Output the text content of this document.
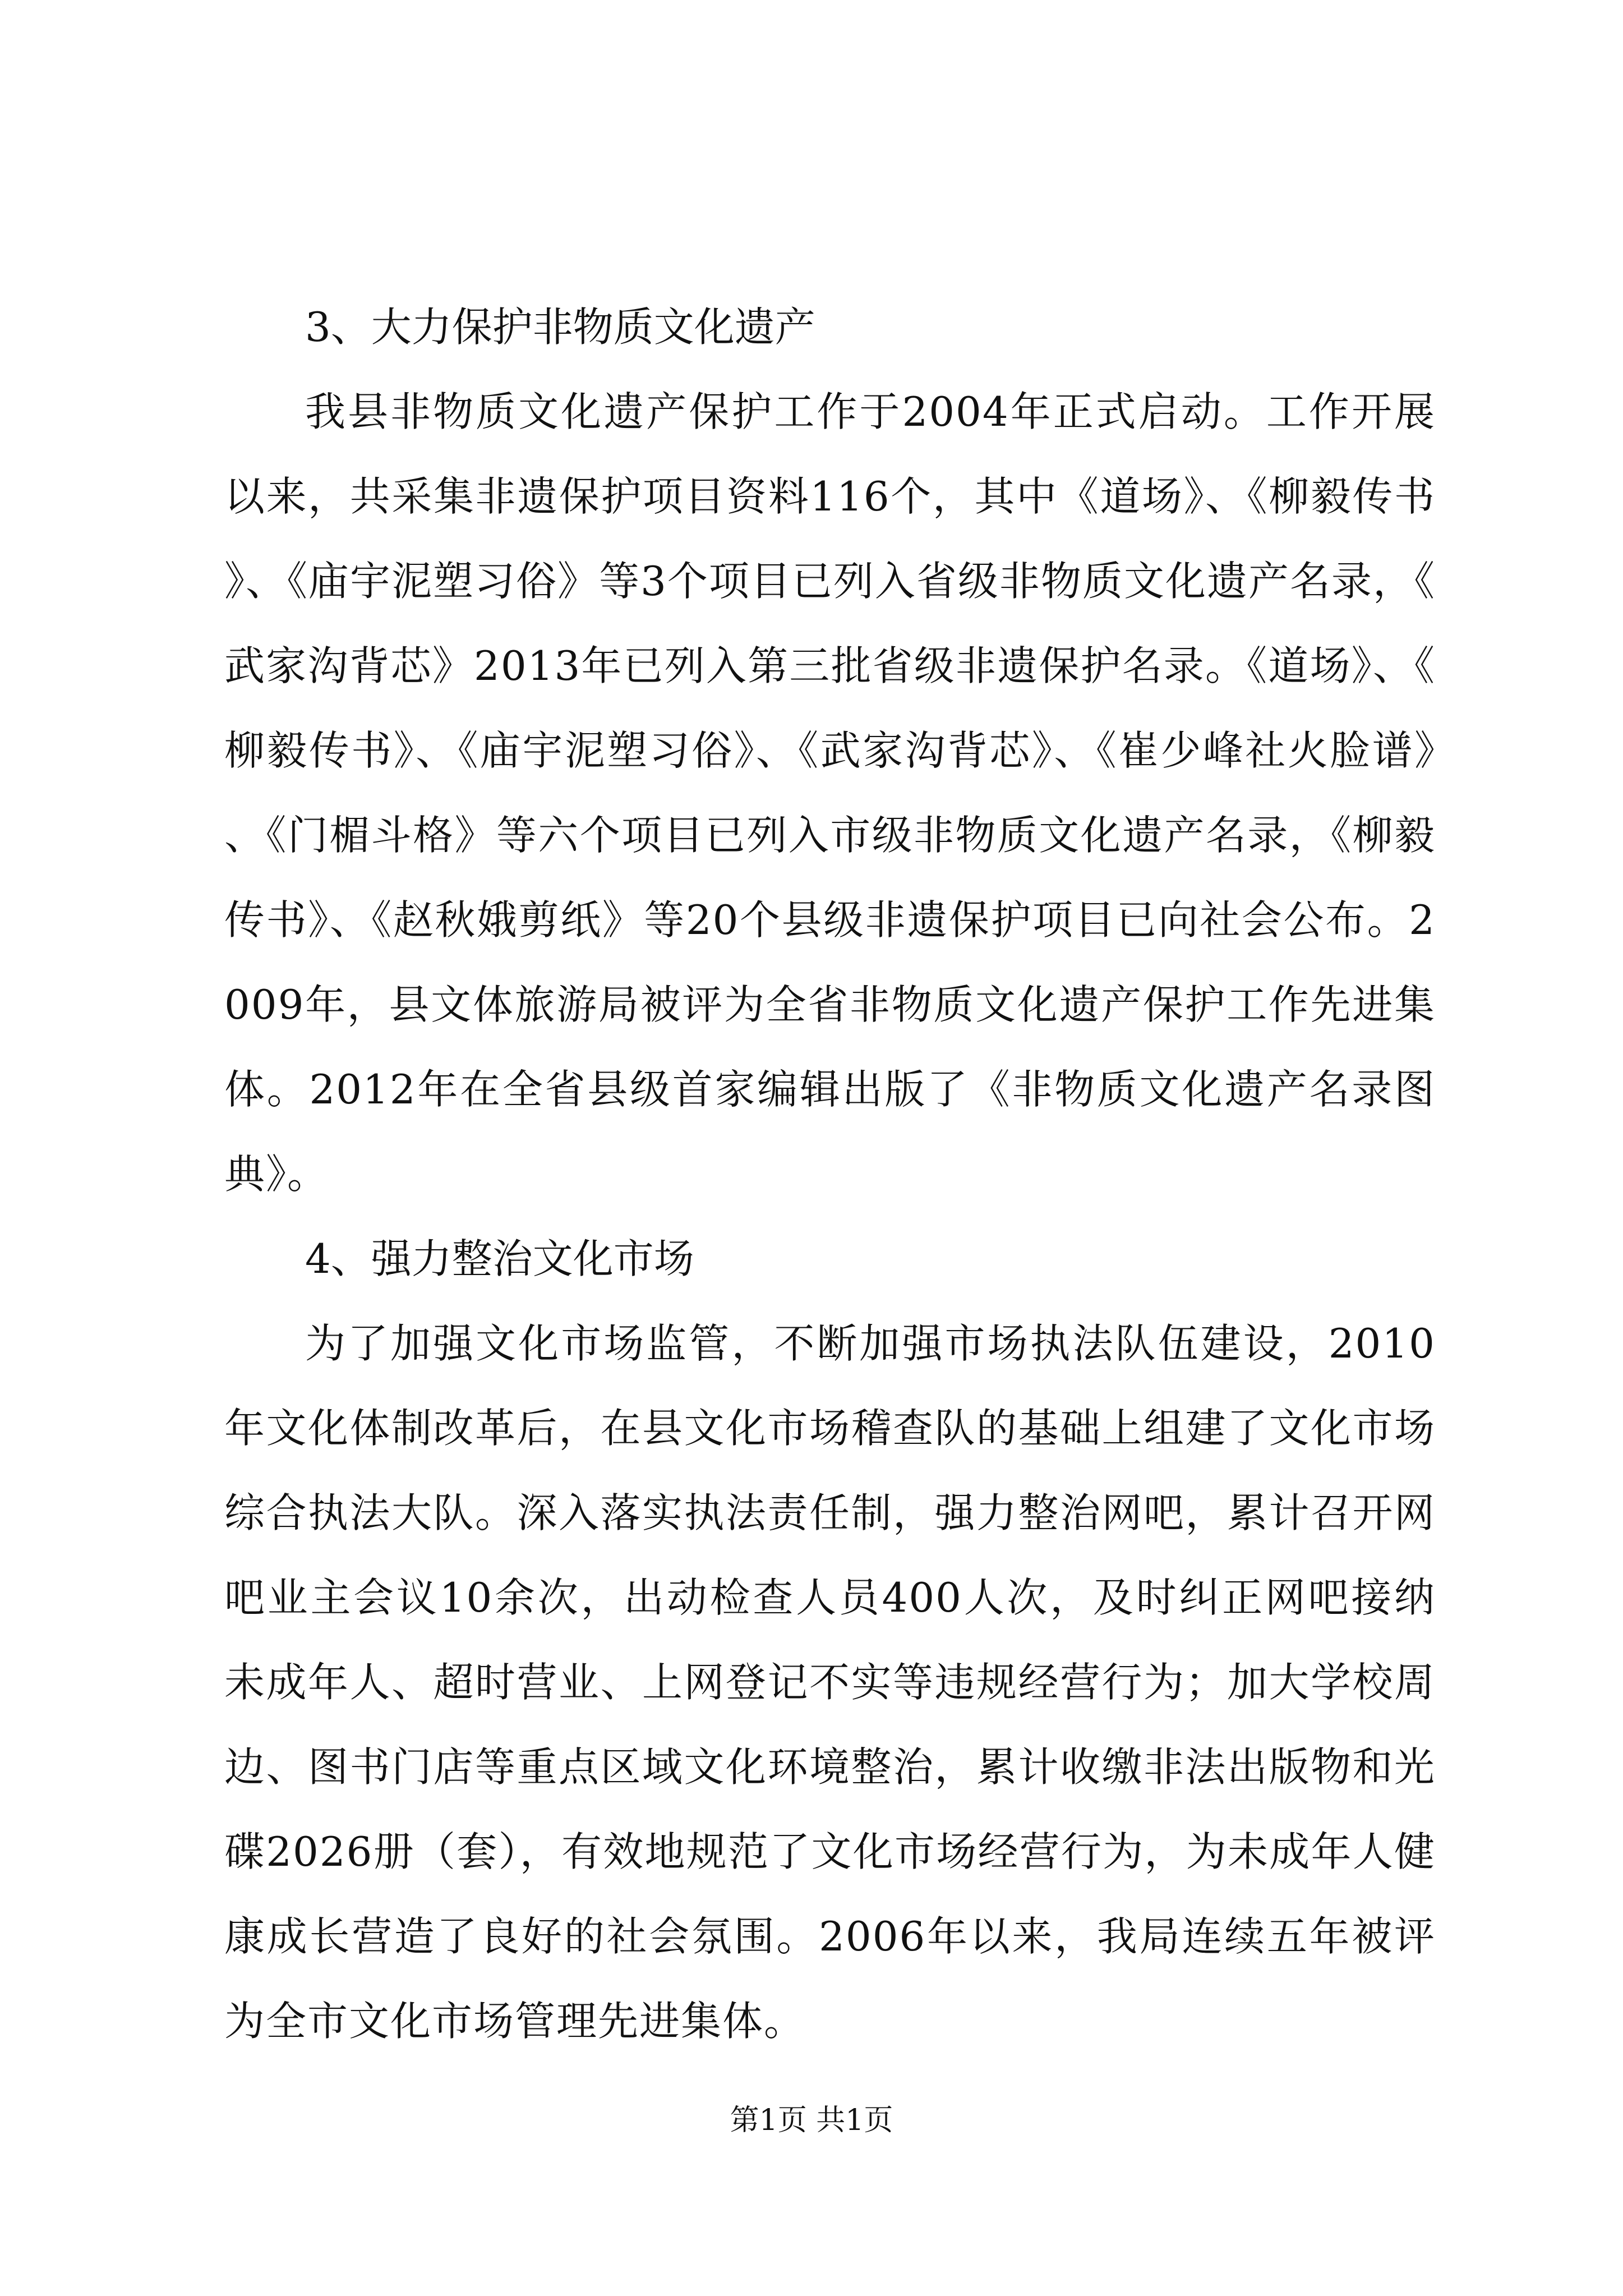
3、大力保护非物质文化遗产

我县非物质文化遗产保护工作于2004年正式启动。工作开展以来，共采集非遗保护项目资料116个，其中《道场》、《柳毅传书》、《庙宇泥塑习俗》等3个项目已列入省级非物质文化遗产名录，《武家沟背芯》2013年已列入第三批省级非遗保护名录。《道场》、《柳毅传书》、《庙宇泥塑习俗》、《武家沟背芯》、《崔少峰社火脸谱》、《门楣斗格》等六个项目已列入市级非物质文化遗产名录，《柳毅传书》、《赵秋娥剪纸》等20个县级非遗保护项目已向社会公布。2009年，县文体旅游局被评为全省非物质文化遗产保护工作先进集体。2012年在全省县级首家编辑出版了《非物质文化遗产名录图典》。

4、强力整治文化市场

为了加强文化市场监管，不断加强市场执法队伍建设，2010年文化体制改革后，在县文化市场稽查队的基础上组建了文化市场综合执法大队。深入落实执法责任制，强力整治网吧，累计召开网吧业主会议10余次，出动检查人员400人次，及时纠正网吧接纳未成年人、超时营业、上网登记不实等违规经营行为；加大学校周边、图书门店等重点区域文化环境整治，累计收缴非法出版物和光碟2026册（套），有效地规范了文化市场经营行为，为未成年人健康成长营造了良好的社会氛围。2006年以来，我局连续五年被评为全市文化市场管理先进集体。

第1页 共1页
